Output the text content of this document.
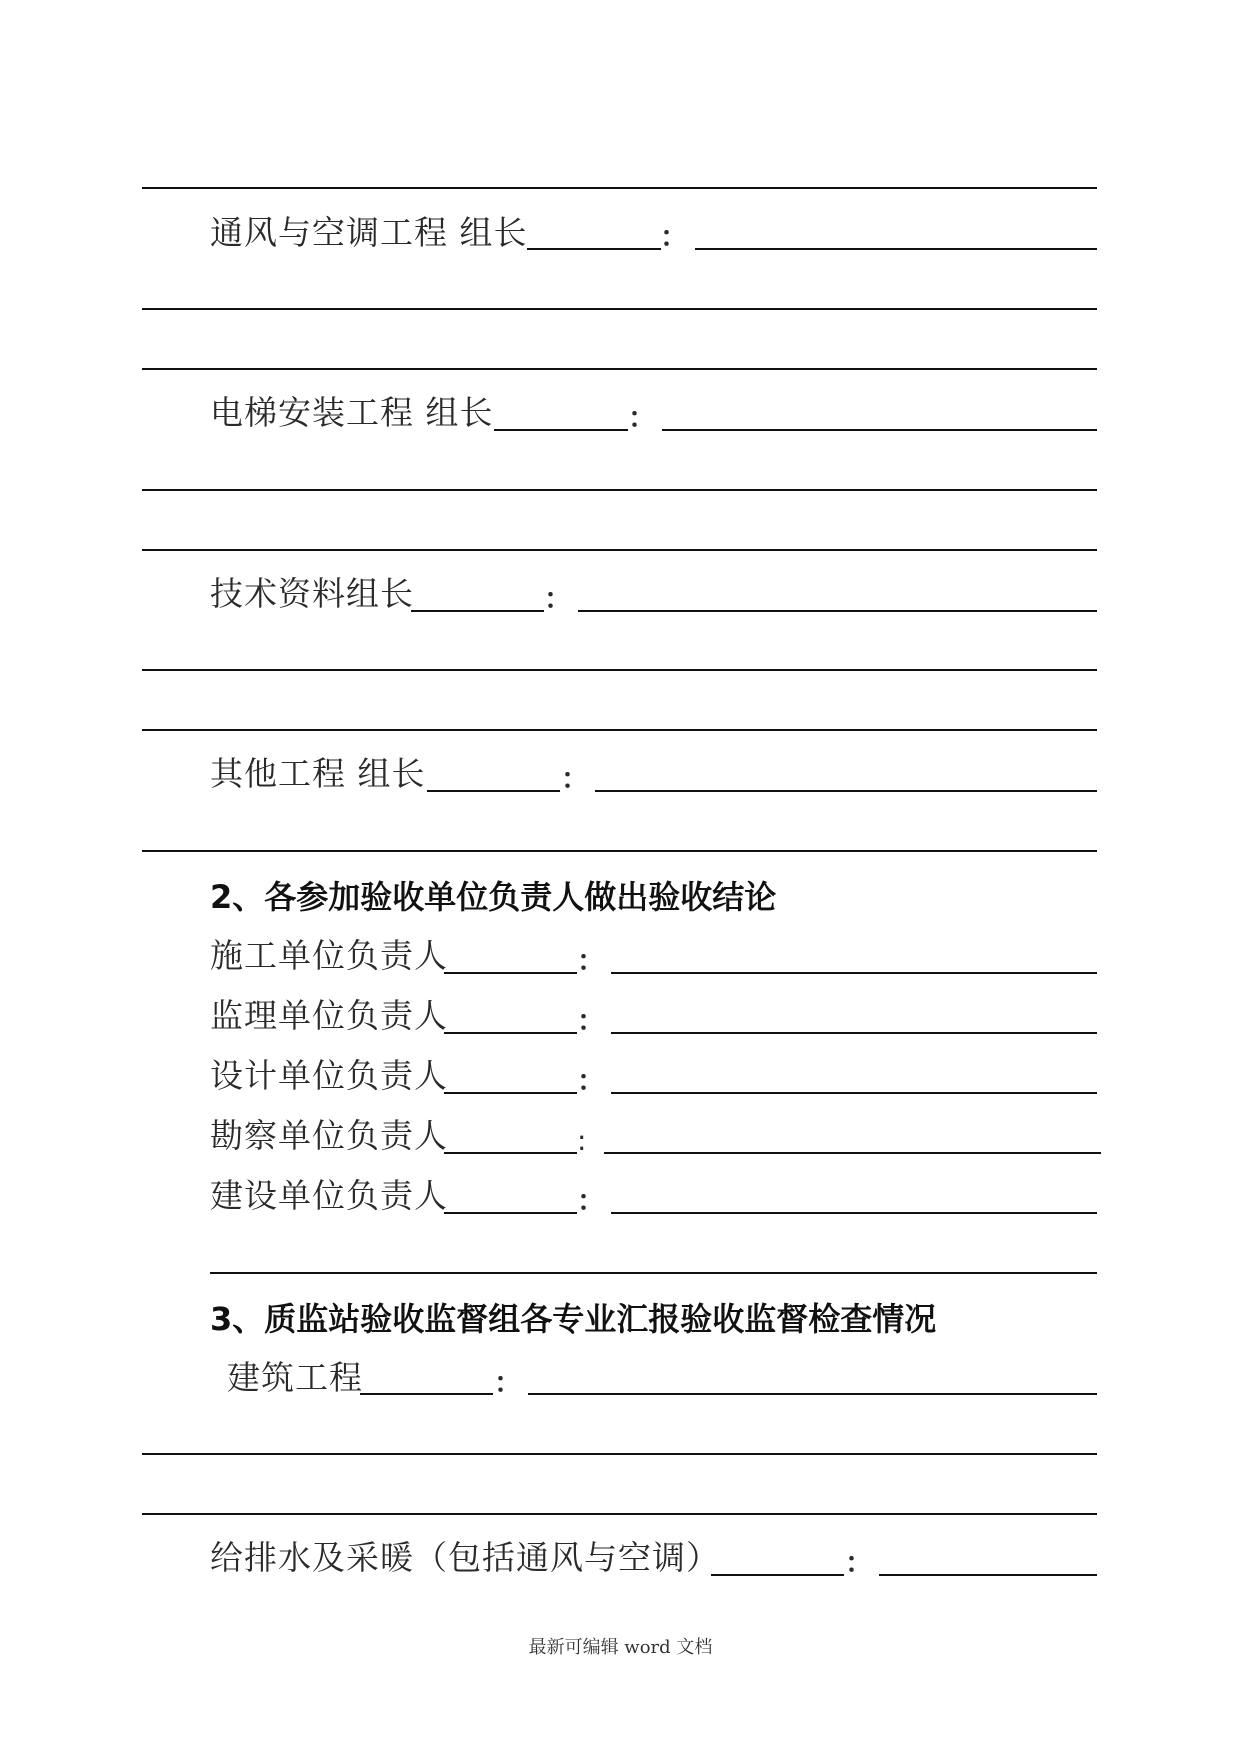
通风与空调工程 组长	：
电梯安装工程 组长	：
技术资料组长	：
其他工程 组长	：
2、各参加验收单位负责人做出验收结论
施工单位负责人	：
监理单位负责人	：
设计单位负责人	：
勘察单位负责人	:
建设单位负责人	：
3、质监站验收监督组各专业汇报验收监督检查情况
建筑工程	：
给排水及采暖（包括通风与空调）	：
最新可编辑 word 文档
